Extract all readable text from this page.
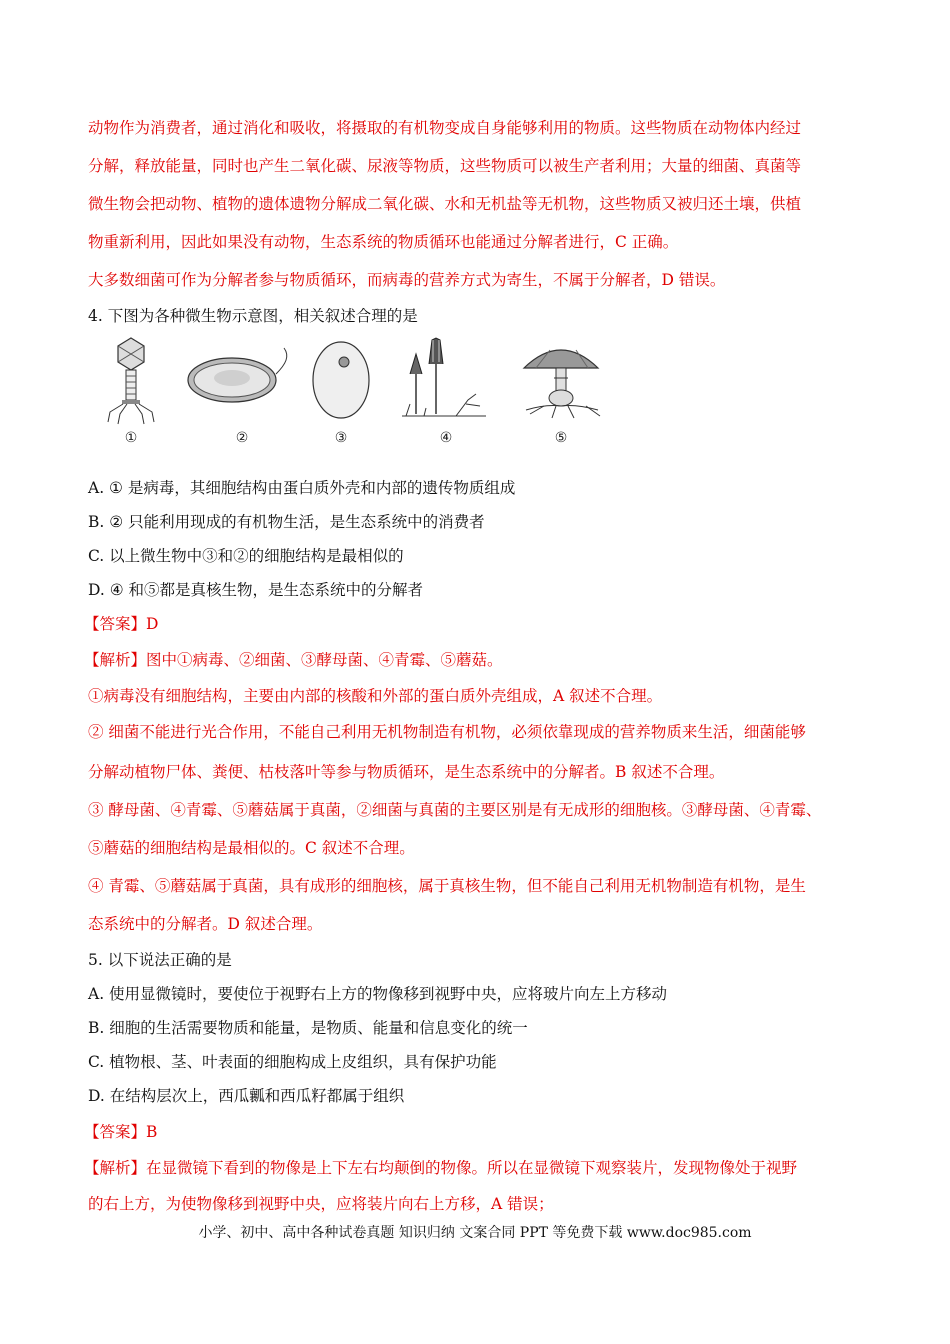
动物作为消费者，通过消化和吸收，将摄取的有机物变成自身能够利用的物质。这些物质在动物体内经过
分解，释放能量，同时也产生二氧化碳、尿液等物质，这些物质可以被生产者利用；大量的细菌、真菌等
微生物会把动物、植物的遗体遗物分解成二氧化碳、水和无机盐等无机物，这些物质又被归还土壤，供植
物重新利用，因此如果没有动物，生态系统的物质循环也能通过分解者进行，C 正确。
大多数细菌可作为分解者参与物质循环，而病毒的营养方式为寄生，不属于分解者，D 错误。
4. 下图为各种微生物示意图，相关叙述合理的是
①	②	③	④	⑤
A. ① 是病毒，其细胞结构由蛋白质外壳和内部的遗传物质组成
B. ② 只能利用现成的有机物生活，是生态系统中的消费者
C. 以上微生物中③和②的细胞结构是最相似的
D. ④ 和⑤都是真核生物，是生态系统中的分解者
【答案】D
【解析】图中①病毒、②细菌、③酵母菌、④青霉、⑤蘑菇。
①病毒没有细胞结构，主要由内部的核酸和外部的蛋白质外壳组成，A 叙述不合理。
② 细菌不能进行光合作用，不能自己利用无机物制造有机物，必须依靠现成的营养物质来生活，细菌能够
分解动植物尸体、粪便、枯枝落叶等参与物质循环，是生态系统中的分解者。B 叙述不合理。
③ 酵母菌、④青霉、⑤蘑菇属于真菌，②细菌与真菌的主要区别是有无成形的细胞核。③酵母菌、④青霉、
⑤蘑菇的细胞结构是最相似的。C 叙述不合理。
④ 青霉、⑤蘑菇属于真菌，具有成形的细胞核，属于真核生物，但不能自己利用无机物制造有机物，是生
态系统中的分解者。D 叙述合理。
5. 以下说法正确的是
A. 使用显微镜时，要使位于视野右上方的物像移到视野中央，应将玻片向左上方移动
B. 细胞的生活需要物质和能量，是物质、能量和信息变化的统一
C. 植物根、茎、叶表面的细胞构成上皮组织，具有保护功能
D. 在结构层次上，西瓜瓤和西瓜籽都属于组织
【答案】B
【解析】在显微镜下看到的物像是上下左右均颠倒的物像。所以在显微镜下观察装片，发现物像处于视野
的右上方，为使物像移到视野中央，应将装片向右上方移，A 错误；
小学、初中、高中各种试卷真题 知识归纳 文案合同 PPT 等免费下载 www.doc985.com
